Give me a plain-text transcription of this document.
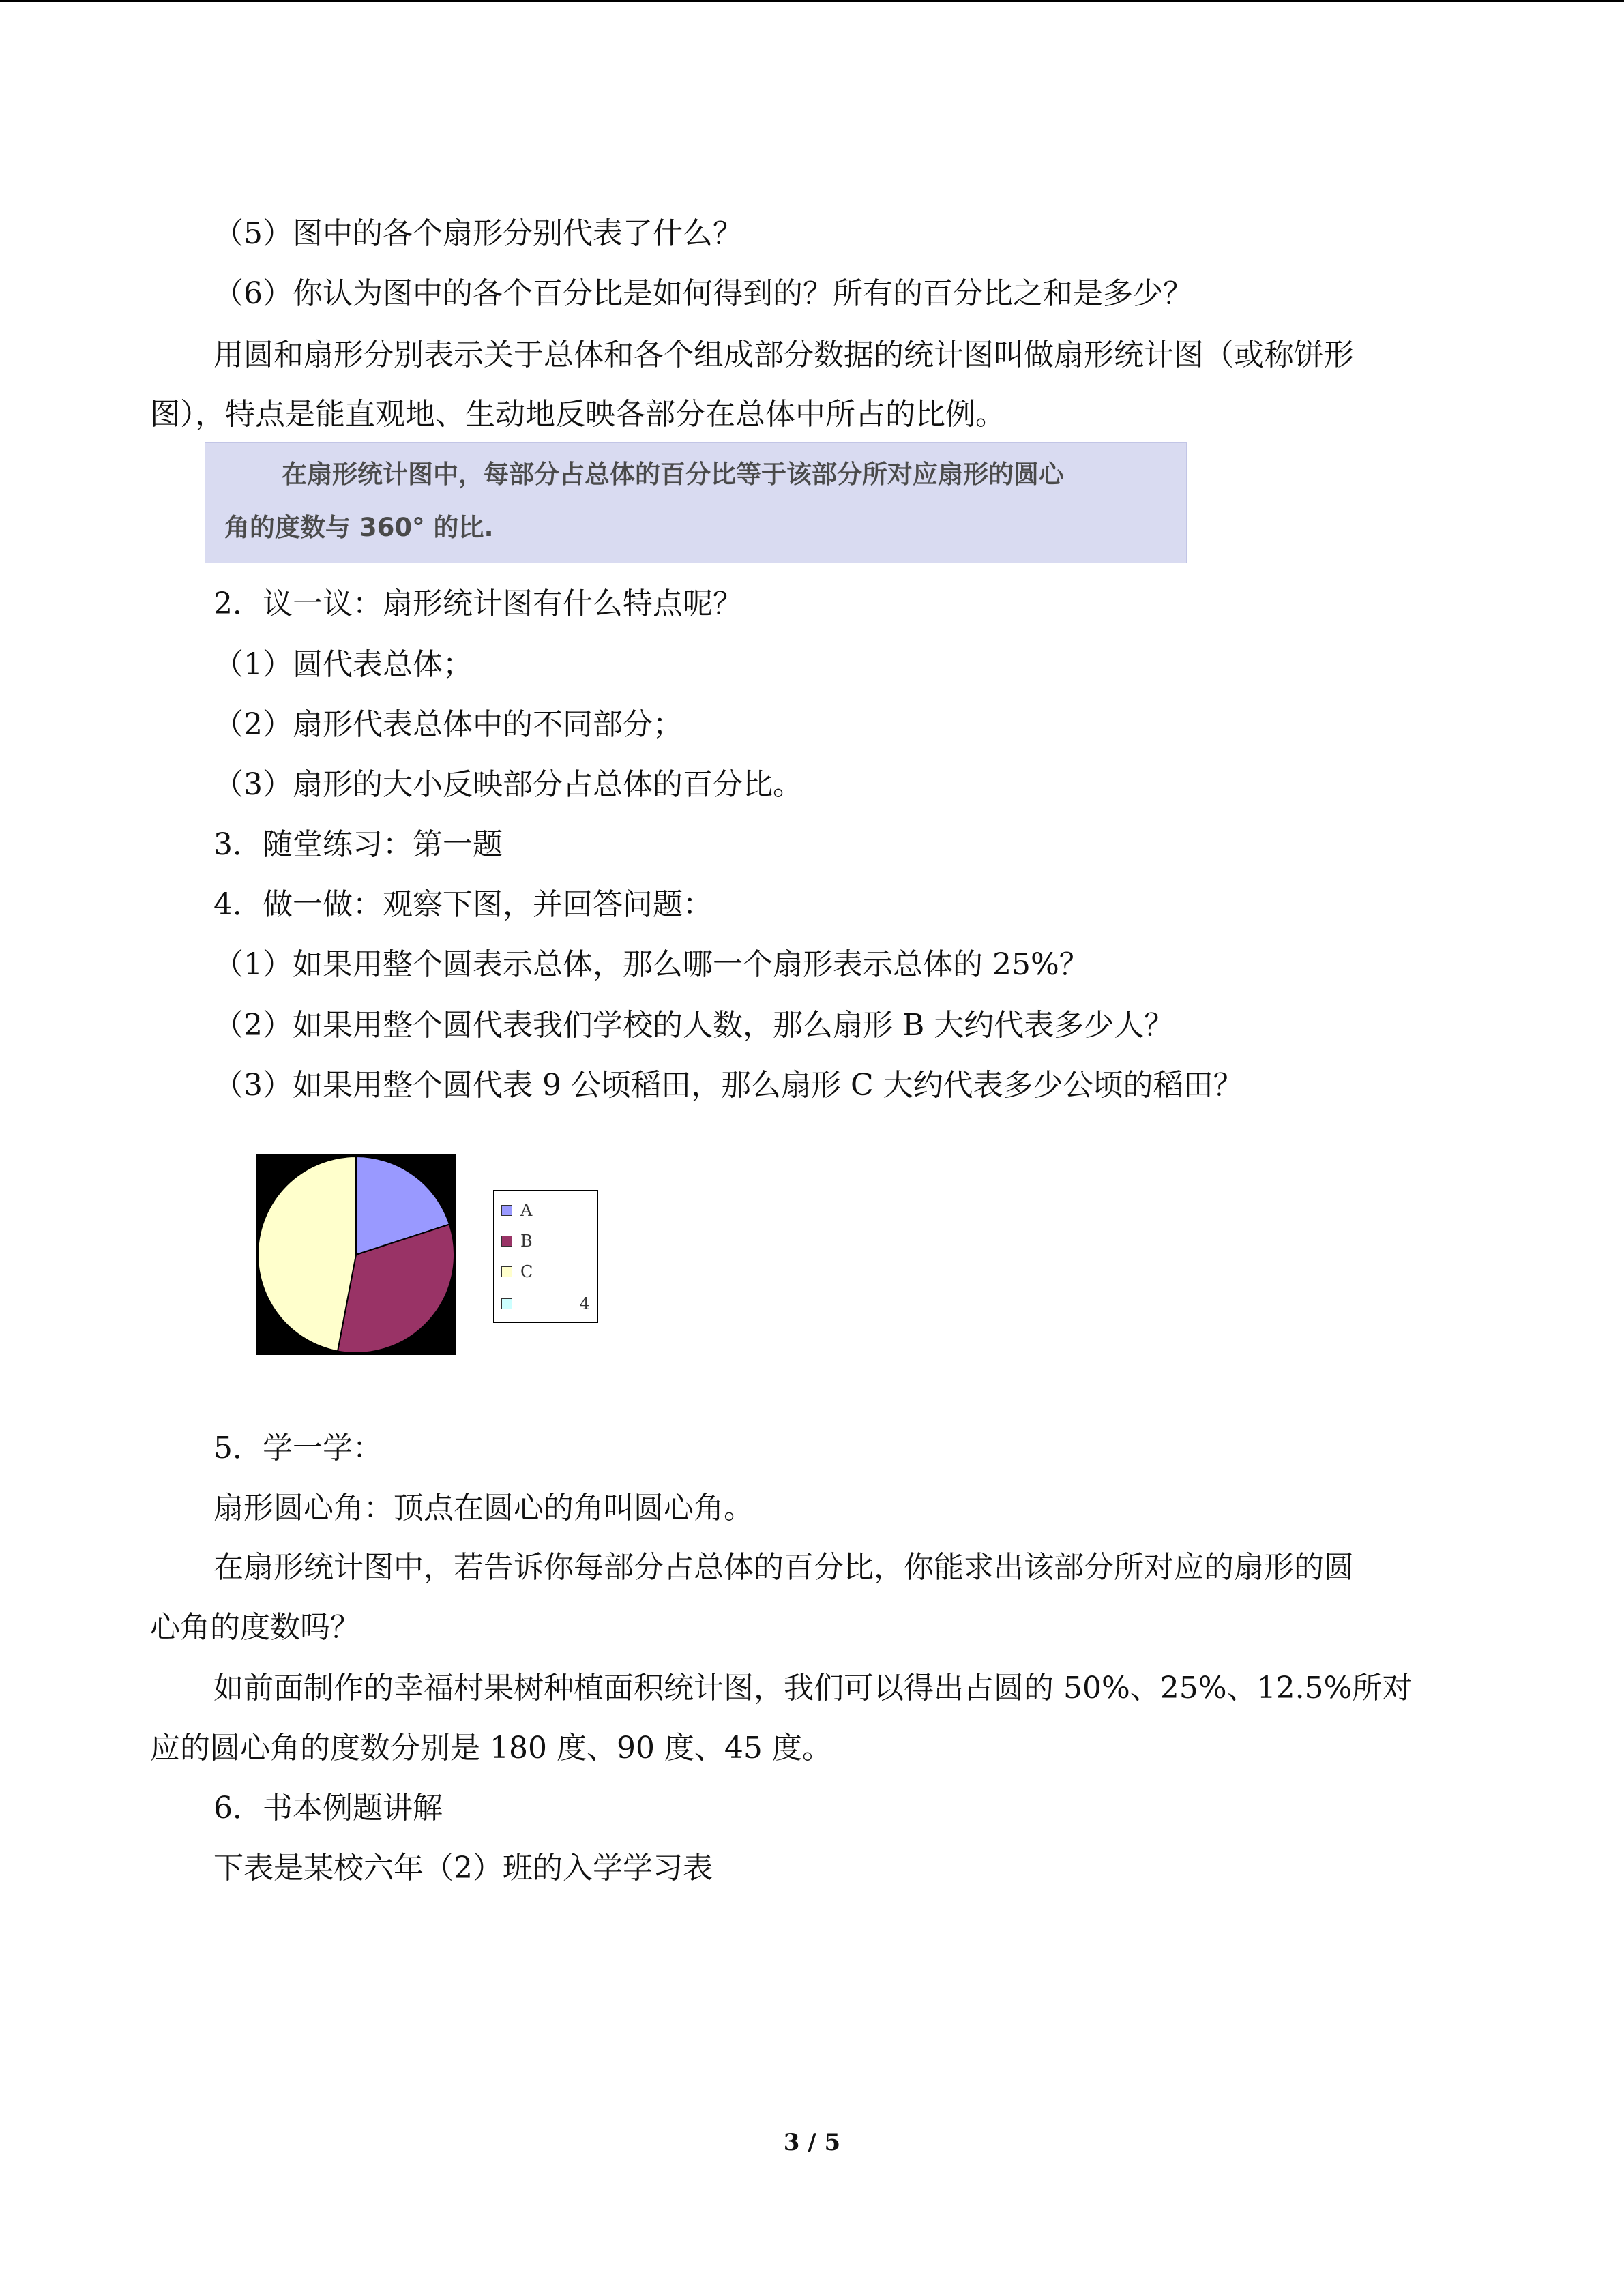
（5）图中的各个扇形分别代表了什么？
（6）你认为图中的各个百分比是如何得到的？所有的百分比之和是多少？
用圆和扇形分别表示关于总体和各个组成部分数据的统计图叫做扇形统计图（或称饼形
图），特点是能直观地、生动地反映各部分在总体中所占的比例。
在扇形统计图中，每部分占总体的百分比等于该部分所对应扇形的圆心
角的度数与 360° 的比.
2．议一议：扇形统计图有什么特点呢？
（1）圆代表总体；
（2）扇形代表总体中的不同部分；
（3）扇形的大小反映部分占总体的百分比。
3．随堂练习：第一题
4．做一做：观察下图，并回答问题：
（1）如果用整个圆表示总体，那么哪一个扇形表示总体的 25%？
（2）如果用整个圆代表我们学校的人数，那么扇形 B 大约代表多少人？
（3）如果用整个圆代表 9 公顷稻田，那么扇形 C 大约代表多少公顷的稻田？
A
B
C
4
5．学一学：
扇形圆心角：顶点在圆心的角叫圆心角。
在扇形统计图中，若告诉你每部分占总体的百分比，你能求出该部分所对应的扇形的圆
心角的度数吗？
如前面制作的幸福村果树种植面积统计图，我们可以得出占圆的 50%、25%、12.5%所对
应的圆心角的度数分别是 180 度、90 度、45 度。
6．书本例题讲解
下表是某校六年（2）班的入学学习表
3 / 5
